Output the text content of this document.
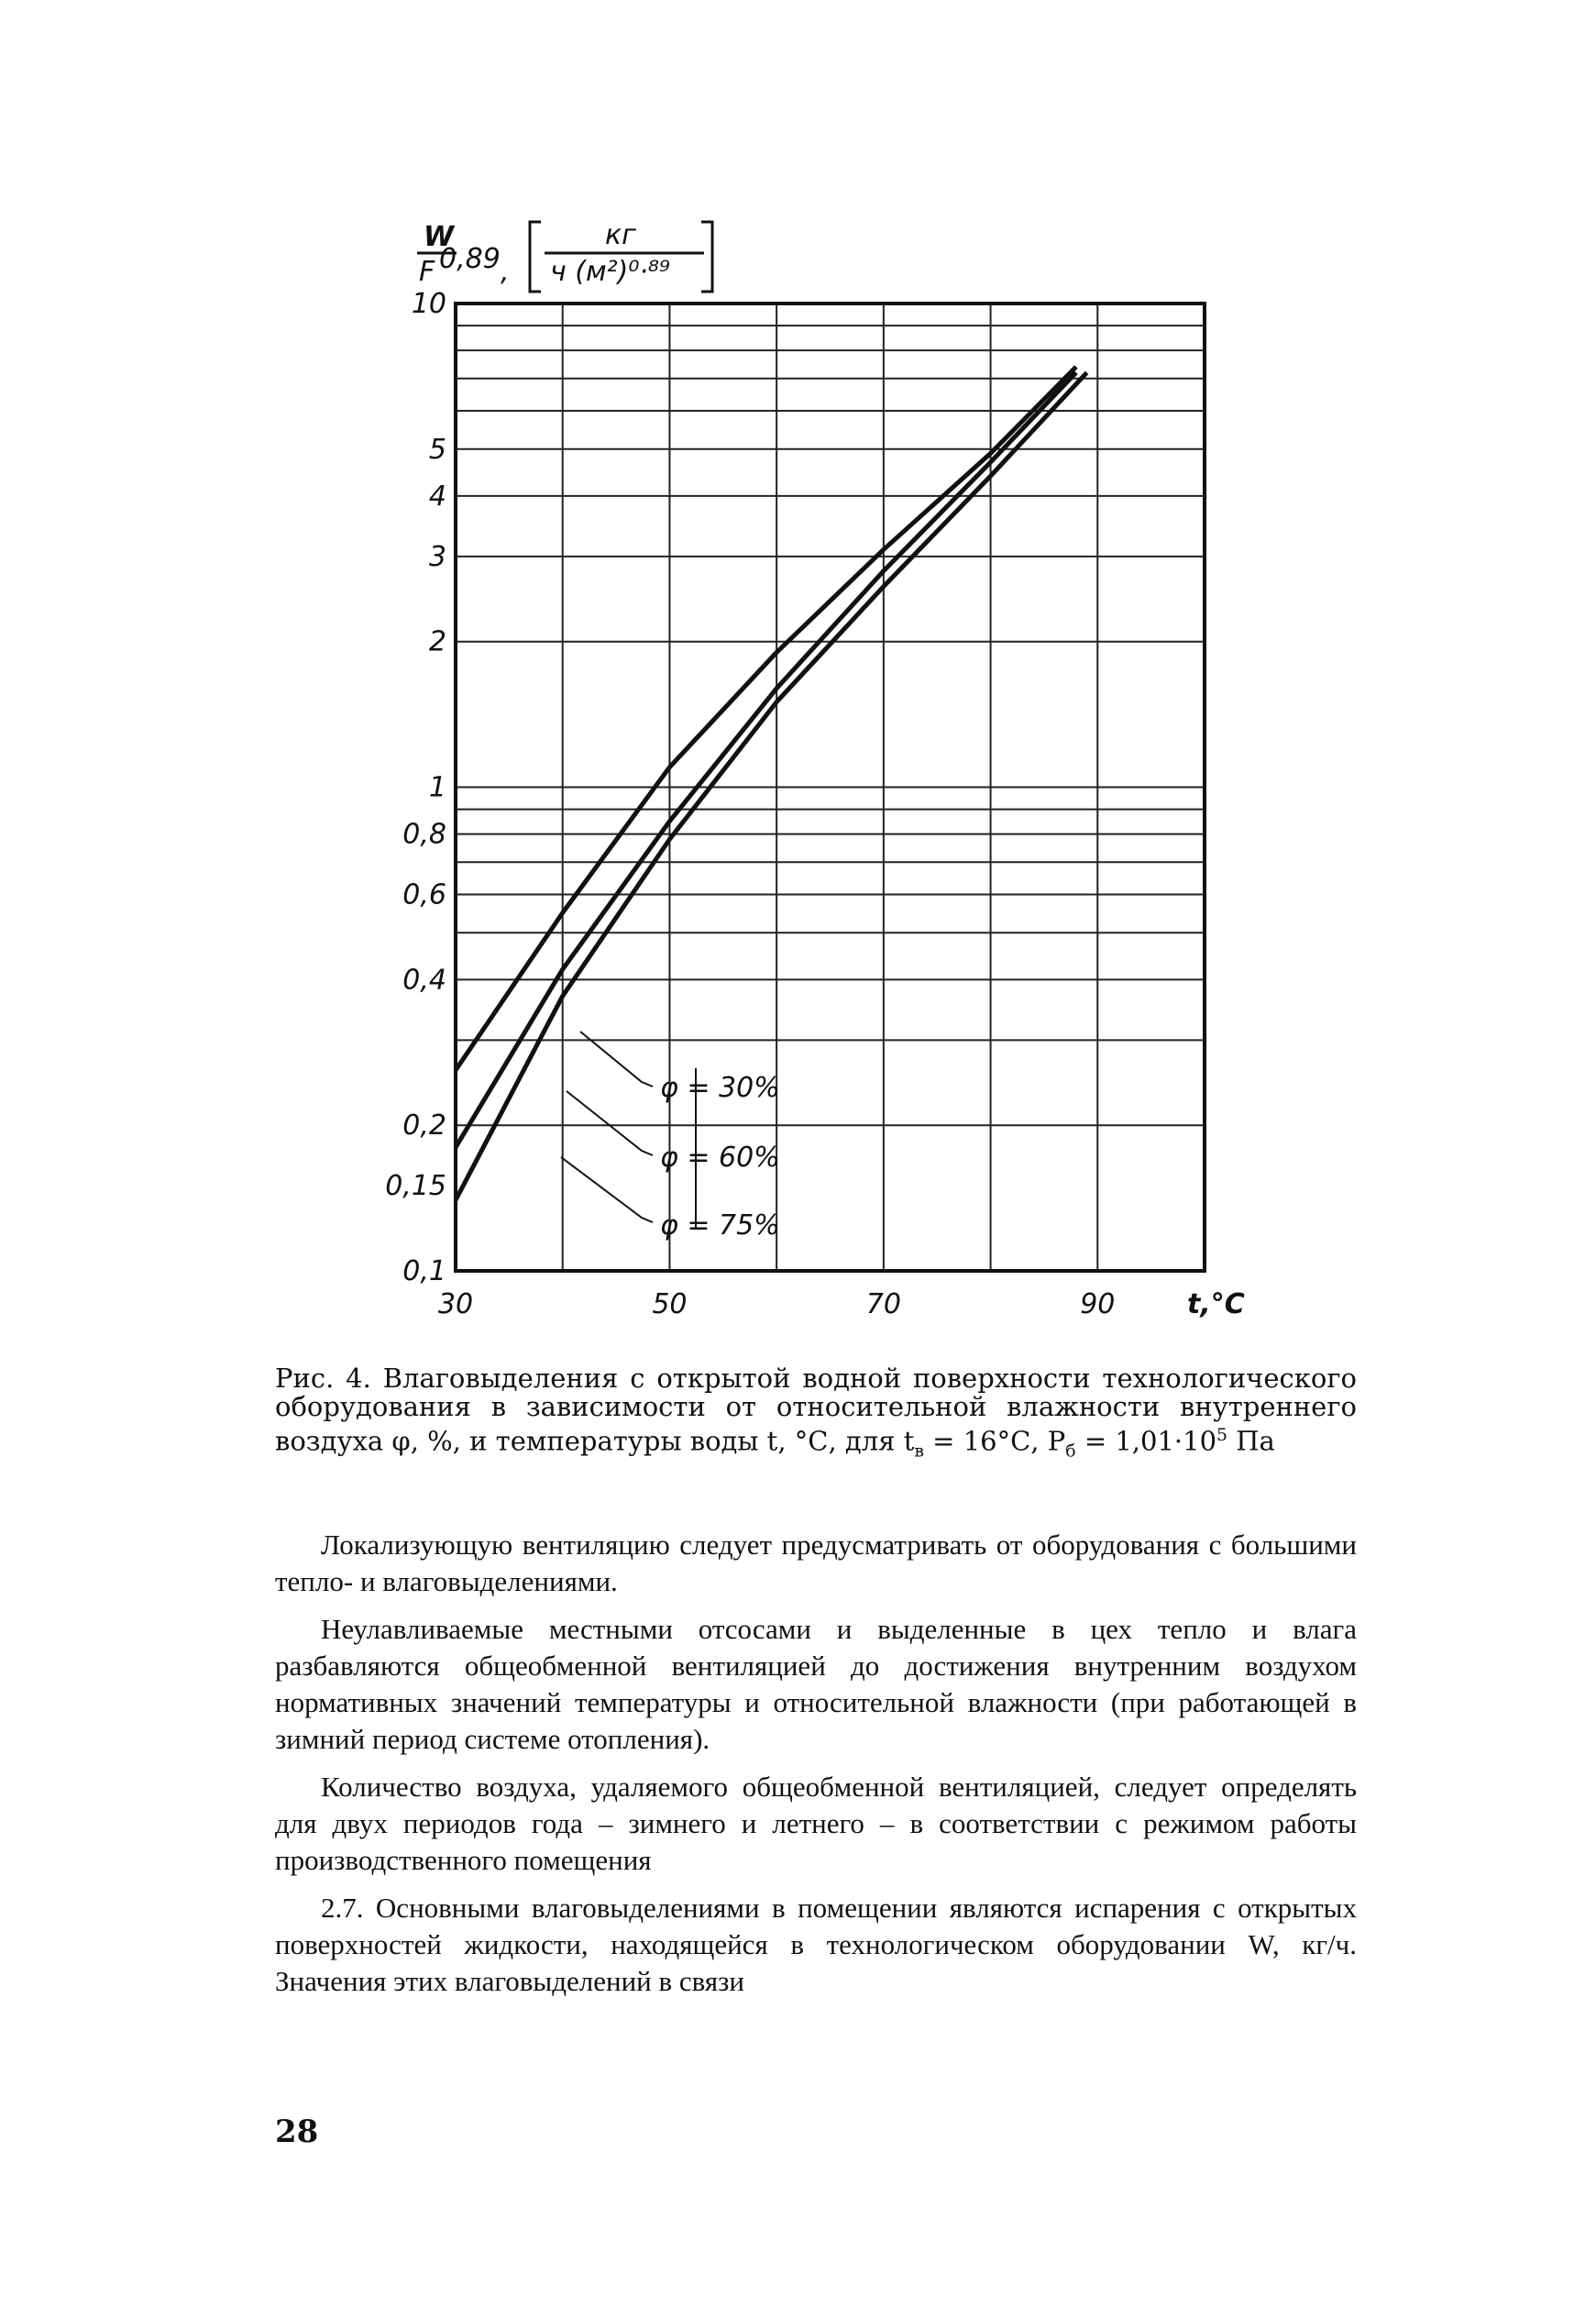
W
F 0,89 ,
кг
ч (м²)⁰·⁸⁹
10
5
4
3
2
1
0,8
0,6
0,4
0,2
0,15
0,1
30	50	70	90	t,°C
φ = 30%
φ = 60%
φ = 75%
Рис. 4. Влаговыделения с открытой водной поверхности технологического оборудования в зависимости от относительной влажности внутреннего воздуха φ, %, и температуры воды t, °С, для $t_в = 16^\circ С$, $P_б = 1,01\cdot 10^5$ Па

Локализующую вентиляцию следует предусматривать от оборудования с большими тепло- и влаговыделениями.

Неулавливаемые местными отсосами и выделенные в цех тепло и влага разбавляются общеобменной вентиляцией до достижения внутренним воздухом нормативных значений температуры и относительной влажности (при работающей в зимний период системе отопления).

Количество воздуха, удаляемого общеобменной вентиляцией, следует определять для двух периодов года – зимнего и летнего – в соответствии с режимом работы производственного помещения

2.7. Основными влаговыделениями в помещении являются испарения с открытых поверхностей жидкости, находящейся в технологическом оборудовании W, кг/ч. Значения этих влаговыделений в связи

28
